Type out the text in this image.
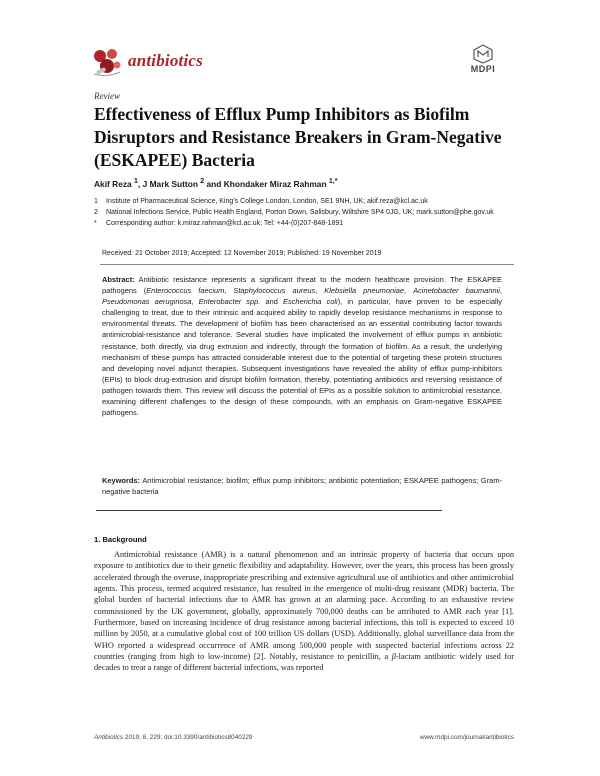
antibiotics	MDPI
Review
Effectiveness of Efflux Pump Inhibitors as Biofilm Disruptors and Resistance Breakers in Gram-Negative (ESKAPEE) Bacteria
Akif Reza $^1$, J Mark Sutton $^2$ and Khondaker Miraz Rahman $^{1,*}$
1	Institute of Pharmaceutical Science, King’s College London, London, SE1 9NH, UK; akif.reza@kcl.ac.uk
2	National Infections Service, Public Health England, Porton Down, Salisbury, Wiltshire SP4 0JG, UK; mark.sutton@phe.gov.uk
*	Corresponding author: k.miraz.rahman@kcl.ac.uk; Tel: +44-(0)207-848-1891
Received: 21 October 2019; Accepted: 12 November 2019; Published: 19 November 2019
Abstract: Antibiotic resistance represents a significant threat to the modern healthcare provision. The ESKAPEE pathogens (Enterococcus faecium, Staphylococcus aureus, Klebsiella pneumoniae, Acinetobacter baumannii, Pseudomonas aeruginosa, Enterobacter spp. and Escherichia coli), in particular, have proven to be especially challenging to treat, due to their intrinsic and acquired ability to rapidly develop resistance mechanisms in response to environmental threats. The development of biofilm has been characterised as an essential contributing factor towards antimicrobial-resistance and tolerance. Several studies have implicated the involvement of efflux pumps in antibiotic resistance, both directly, via drug extrusion and indirectly, through the formation of biofilm. As a result, the underlying mechanism of these pumps has attracted considerable interest due to the potential of targeting these protein structures and developing novel adjunct therapies. Subsequent investigations have revealed the ability of efflux pump-inhibitors (EPIs) to block drug-extrusion and disrupt biofilm formation, thereby, potentiating antibiotics and reversing resistance of pathogen towards them. This review will discuss the potential of EPIs as a possible solution to antimicrobial resistance, examining different challenges to the design of these compounds, with an emphasis on Gram-negative ESKAPEE pathogens.
Keywords: Antimicrobial resistance; biofilm; efflux pump inhibitors; antibiotic potentiation; ESKAPEE pathogens; Gram-negative bacteria
1. Background

Antimicrobial resistance (AMR) is a natural phenomenon and an intrinsic property of bacteria that occurs upon exposure to antibiotics due to their genetic flexibility and adaptability. However, over the years, this process has been grossly accelerated through the overuse, inappropriate prescribing and extensive agricultural use of antibiotics and other antimicrobial agents. This process, termed acquired resistance, has resulted in the emergence of multi-drug resistant (MDR) bacteria. The global burden of bacterial infections due to AMR has grown at an alarming pace. According to an exhaustive review commissioned by the UK government, globally, approximately 700,000 deaths can be attributed to AMR each year [1]. Furthermore, based on increasing incidence of drug resistance among bacterial infections, this toll is expected to exceed 10 million by 2050, at a cumulative global cost of 100 trillion US dollars (USD). Additionally, global surveillance data from the WHO reported a widespread occurrence of AMR among 500,000 people with suspected bacterial infections across 22 countries (ranging from high to low-income) [2]. Notably, resistance to penicillin, a β-lactam antibiotic widely used for decades to treat a range of different bacterial infections, was reported

Antibiotics 2019, 8, 229; doi:10.3390/antibiotics8040229	www.mdpi.com/journal/antibiotics
